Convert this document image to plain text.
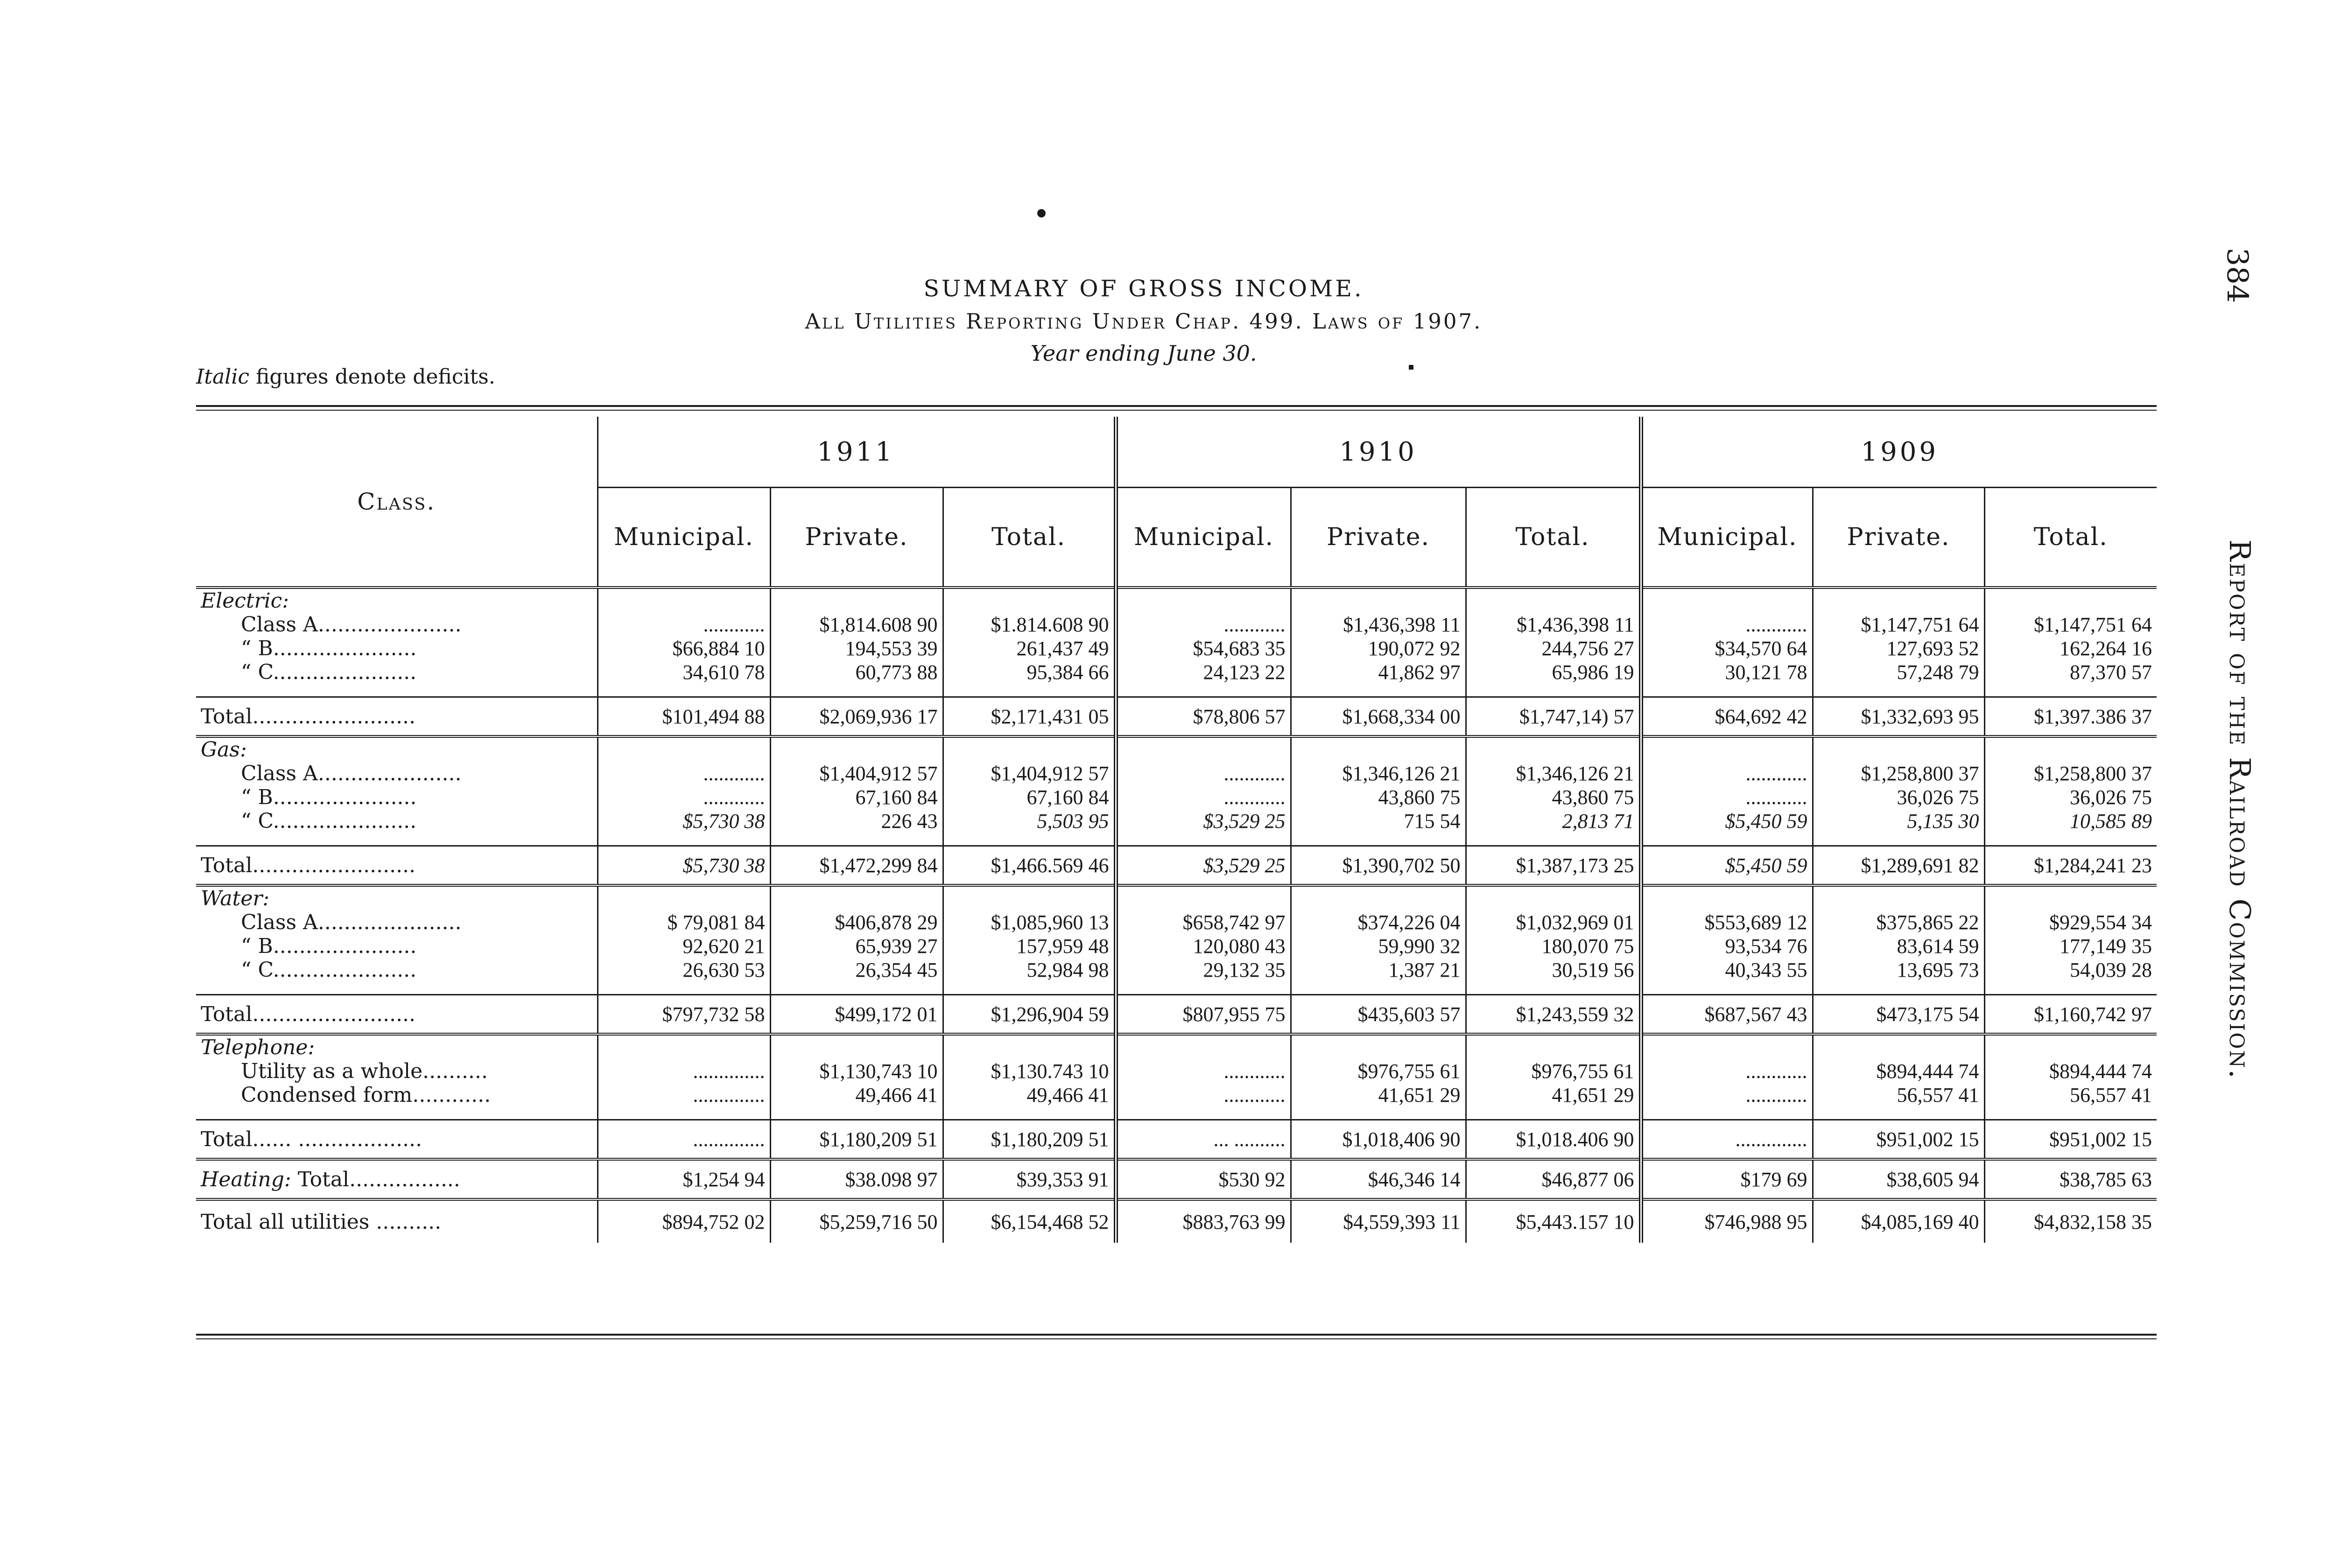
SUMMARY OF GROSS INCOME.
All Utilities Reporting Under Chap. 499. Laws of 1907.
Year ending June 30.
Italic figures denote deficits.
384
Report of the Railroad Commission.
Class.	1911			1910			1909		
	Municipal.	Private.	Total.	Municipal.	Private.	Total.	Municipal.	Private.	Total.
Electric:									
Class A......................	............	$1,814.608 90	$1.814.608 90	............	$1,436,398 11	$1,436,398 11	............	$1,147,751 64	$1,147,751 64
“ B......................	$66,884 10	194,553 39	261,437 49	$54,683 35	190,072 92	244,756 27	$34,570 64	127,693 52	162,264 16
“ C......................	34,610 78	60,773 88	95,384 66	24,123 22	41,862 97	65,986 19	30,121 78	57,248 79	87,370 57

Total.........................	$101,494 88	$2,069,936 17	$2,171,431 05	$78,806 57	$1,668,334 00	$1,747,14) 57	$64,692 42	$1,332,693 95	$1,397.386 37
Gas:									
Class A......................	............	$1,404,912 57	$1,404,912 57	............	$1,346,126 21	$1,346,126 21	............	$1,258,800 37	$1,258,800 37
“ B......................	............	67,160 84	67,160 84	............	43,860 75	43,860 75	............	36,026 75	36,026 75
“ C......................	$5,730 38	226 43	5,503 95	$3,529 25	715 54	2,813 71	$5,450 59	5,135 30	10,585 89

Total.........................	$5,730 38	$1,472,299 84	$1,466.569 46	$3,529 25	$1,390,702 50	$1,387,173 25	$5,450 59	$1,289,691 82	$1,284,241 23
Water:									
Class A......................	$ 79,081 84	$406,878 29	$1,085,960 13	$658,742 97	$374,226 04	$1,032,969 01	$553,689 12	$375,865 22	$929,554 34
“ B......................	92,620 21	65,939 27	157,959 48	120,080 43	59,990 32	180,070 75	93,534 76	83,614 59	177,149 35
“ C......................	26,630 53	26,354 45	52,984 98	29,132 35	1,387 21	30,519 56	40,343 55	13,695 73	54,039 28

Total.........................	$797,732 58	$499,172 01	$1,296,904 59	$807,955 75	$435,603 57	$1,243,559 32	$687,567 43	$473,175 54	$1,160,742 97
Telephone:									
Utility as a whole..........	..............	$1,130,743 10	$1,130.743 10	............	$976,755 61	$976,755 61	............	$894,444 74	$894,444 74
Condensed form............	..............	49,466 41	49,466 41	............	41,651 29	41,651 29	............	56,557 41	56,557 41

Total...... ...................	..............	$1,180,209 51	$1,180,209 51	... ..........	$1,018,406 90	$1,018.406 90	..............	$951,002 15	$951,002 15
Heating: Total.................	$1,254 94	$38.098 97	$39,353 91	$530 92	$46,346 14	$46,877 06	$179 69	$38,605 94	$38,785 63
Total all utilities ..........	$894,752 02	$5,259,716 50	$6,154,468 52	$883,763 99	$4,559,393 11	$5,443.157 10	$746,988 95	$4,085,169 40	$4,832,158 35
